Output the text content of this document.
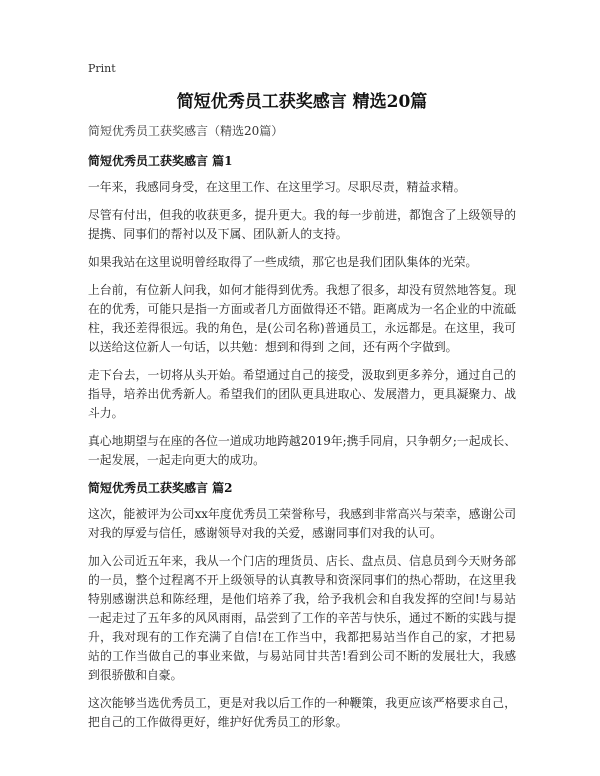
Print
简短优秀员工获奖感言 精选20篇

简短优秀员工获奖感言（精选20篇）

简短优秀员工获奖感言 篇1

一年来，我感同身受，在这里工作、在这里学习。尽职尽责，精益求精。

尽管有付出，但我的收获更多，提升更大。我的每一步前进，都饱含了上级领导的提携、同事们的帮衬以及下属、团队新人的支持。

如果我站在这里说明曾经取得了一些成绩，那它也是我们团队集体的光荣。

上台前，有位新人问我，如何才能得到优秀。我想了很多，却没有贸然地答复。现在的优秀，可能只是指一方面或者几方面做得还不错。距离成为一名企业的中流砥柱，我还差得很远。我的角色，是(公司名称)普通员工，永远都是。在这里，我可以送给这位新人一句话，以共勉：想到和得到 之间，还有两个字做到。

走下台去，一切将从头开始。希望通过自己的接受，汲取到更多养分，通过自己的指导，培养出优秀新人。希望我们的团队更具进取心、发展潜力，更具凝聚力、战斗力。

真心地期望与在座的各位一道成功地跨越2019年;携手同肩，只争朝夕;一起成长、一起发展，一起走向更大的成功。

简短优秀员工获奖感言 篇2

这次，能被评为公司xx年度优秀员工荣誉称号，我感到非常高兴与荣幸，感谢公司对我的厚爱与信任，感谢领导对我的关爱，感谢同事们对我的认可。

加入公司近五年来，我从一个门店的理货员、店长、盘点员、信息员到今天财务部的一员，整个过程离不开上级领导的认真教导和资深同事们的热心帮助，在这里我特别感谢洪总和陈经理，是他们培养了我，给予我机会和自我发挥的空间!与易站一起走过了五年多的风风雨雨，品尝到了工作的辛苦与快乐，通过不断的实践与提升，我对现有的工作充满了自信!在工作当中，我都把易站当作自己的家，才把易站的工作当做自己的事业来做，与易站同甘共苦!看到公司不断的发展壮大，我感到很骄傲和自豪。

这次能够当选优秀员工，更是对我以后工作的一种鞭策，我更应该严格要求自己，把自己的工作做得更好，维护好优秀员工的形象。
